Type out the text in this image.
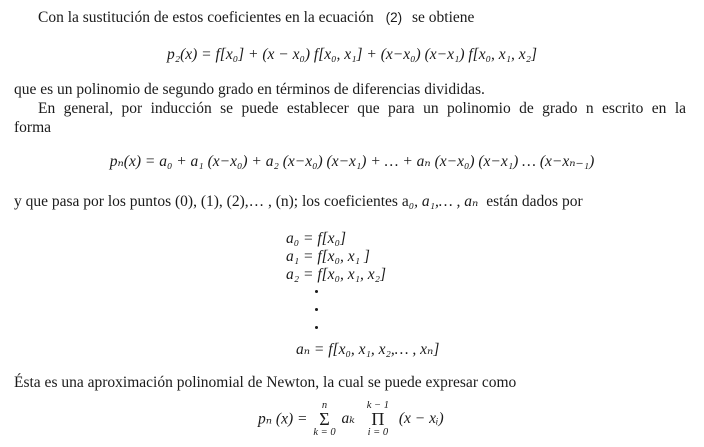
Con la sustitución de estos coeficientes en la ecuación (2) se obtiene
p₂(x) = f[x₀] + (x − x₀) f[x₀, x₁] + (x−x₀) (x−x₁) f[x₀, x₁, x₂]
que es un polinomio de segundo grado en términos de diferencias divididas.
En general, por inducción se puede establecer que para un polinomio de grado n escrito en la
forma
pₙ(x) = a₀ + a₁ (x−x₀) + a₂ (x−x₀) (x−x₁) + … + aₙ (x−x₀) (x−x₁) … (x−xₙ₋₁)
y que pasa por los puntos (0), (1), (2),… , (n); los coeficientes a₀, a₁,… , aₙ están dados por
a₀ = f[x₀]
a₁ = f[x₀, x₁ ]
a₂ = f[x₀, x₁, x₂]
aₙ = f[x₀, x₁, x₂,… , xₙ]
Ésta es una aproximación polinomial de Newton, la cual se puede expresar como
pₙ (x) =
n
Σ
k = 0
aₖ
k − 1
Π
i = 0
(x − xᵢ)
